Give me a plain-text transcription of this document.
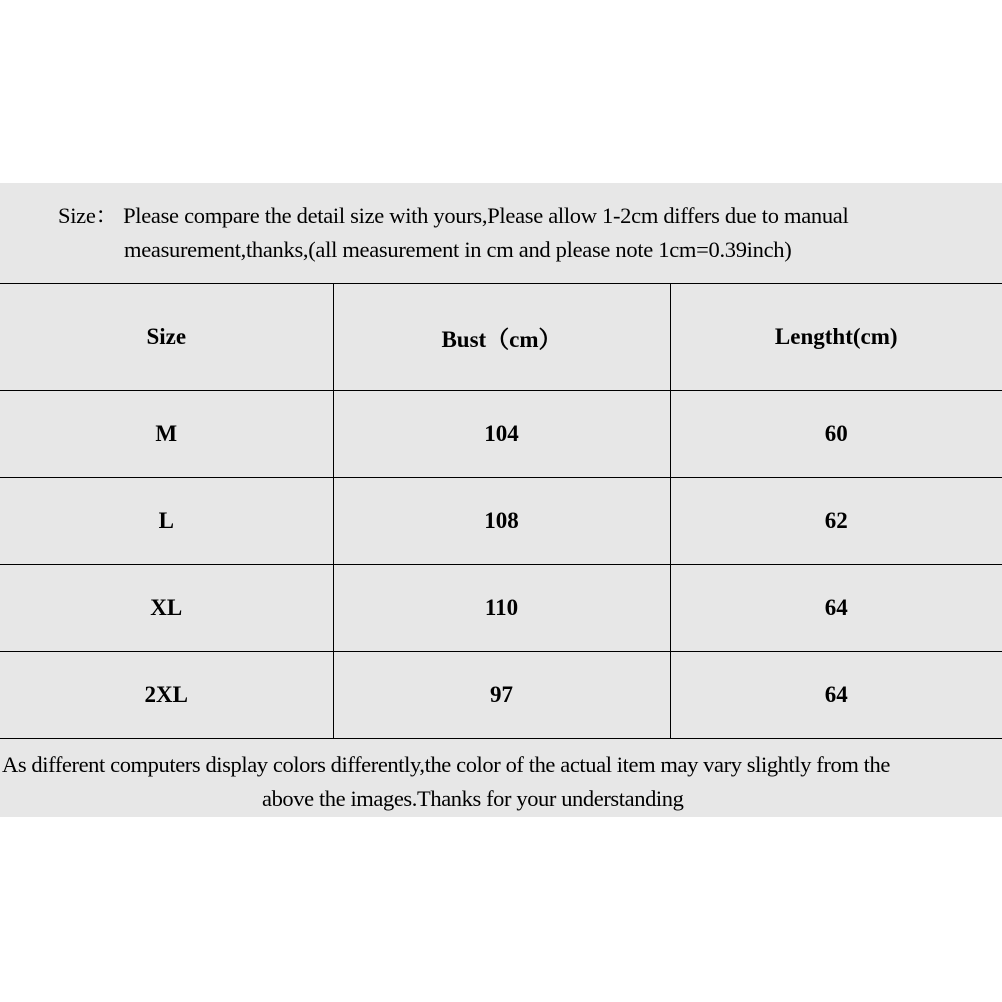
Size： Please compare the detail size with yours,Please allow 1-2cm differs due to manual
measurement,thanks,(all measurement in cm and please note 1cm=0.39inch)
Size	Bust（cm）	Lengtht(cm)
M	104	60
L	108	62
XL	110	64
2XL	97	64
As different computers display colors differently,the color of the actual item may vary slightly from the
above the images.Thanks for your understanding
